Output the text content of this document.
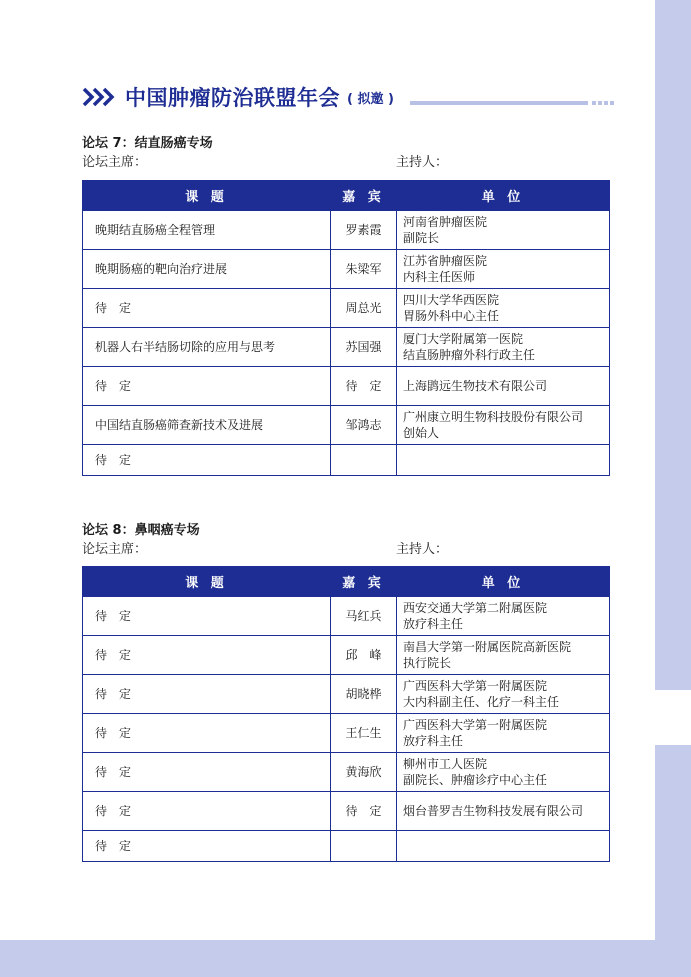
中国肿瘤防治联盟年会 ( 拟邀 )
论坛 7：结直肠癌专场
论坛主席：	主持人：
课 题	嘉 宾	单 位
晚期结直肠癌全程管理	罗素霞	河南省肿瘤医院
副院长

晚期肠癌的靶向治疗进展	朱梁军	江苏省肿瘤医院
内科主任医师

待　定	周总光	四川大学华西医院
胃肠外科中心主任

机器人右半结肠切除的应用与思考	苏国强	厦门大学附属第一医院
结直肠肿瘤外科行政主任

待　定	待　定	上海鹍远生物技术有限公司

中国结直肠癌筛查新技术及进展	邹鸿志	广州康立明生物科技股份有限公司
创始人

待　定		
论坛 8：鼻咽癌专场
论坛主席：	主持人：
课 题	嘉 宾	单 位
待　定	马红兵	西安交通大学第二附属医院
放疗科主任

待　定	邱　峰	南昌大学第一附属医院高新医院
执行院长

待　定	胡晓桦	广西医科大学第一附属医院
大内科副主任、化疗一科主任

待　定	王仁生	广西医科大学第一附属医院
放疗科主任

待　定	黄海欣	柳州市工人医院
副院长、肿瘤诊疗中心主任

待　定	待　定	烟台普罗吉生物科技发展有限公司

待　定		
